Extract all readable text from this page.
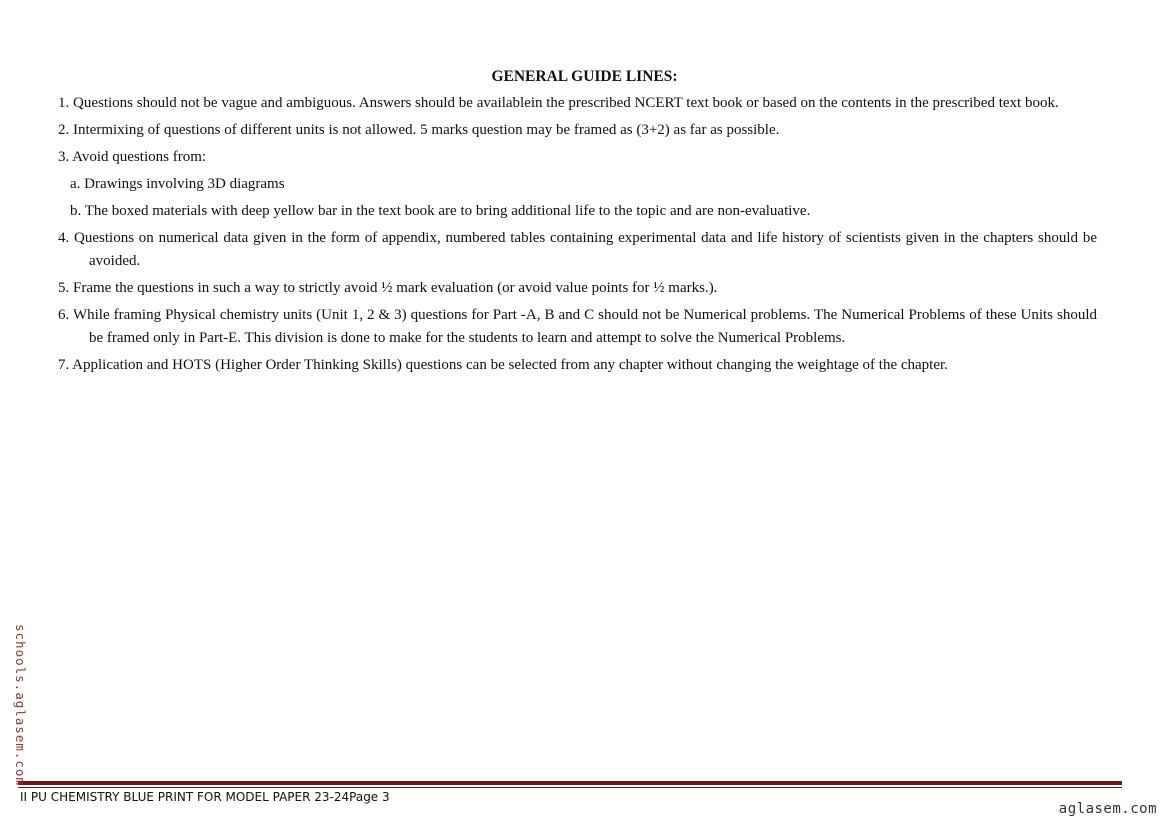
GENERAL GUIDE LINES:
1. Questions should not be vague and ambiguous. Answers should be availablein the prescribed NCERT text book or based on the contents in the prescribed text book.
2. Intermixing of questions of different units is not allowed. 5 marks question may be framed as (3+2) as far as possible.
3. Avoid questions from:
a. Drawings involving 3D diagrams
b. The boxed materials with deep yellow bar in the text book are to bring additional life to the topic and are non-evaluative.
4. Questions on numerical data given in the form of appendix, numbered tables containing experimental data and life history of scientists given in the chapters should be avoided.
5. Frame the questions in such a way to strictly avoid ½ mark evaluation (or avoid value points for ½ marks.).
6. While framing Physical chemistry units (Unit 1, 2 & 3) questions for Part -A, B and C should not be Numerical problems. The Numerical Problems of these Units should be framed only in Part-E. This division is done to make for the students to learn and attempt to solve the Numerical Problems.
7. Application and HOTS (Higher Order Thinking Skills) questions can be selected from any chapter without changing the weightage of the chapter.
II PU CHEMISTRY BLUE PRINT FOR MODEL PAPER 23-24Page 3
schools.aglasem.com
aglasem.com
